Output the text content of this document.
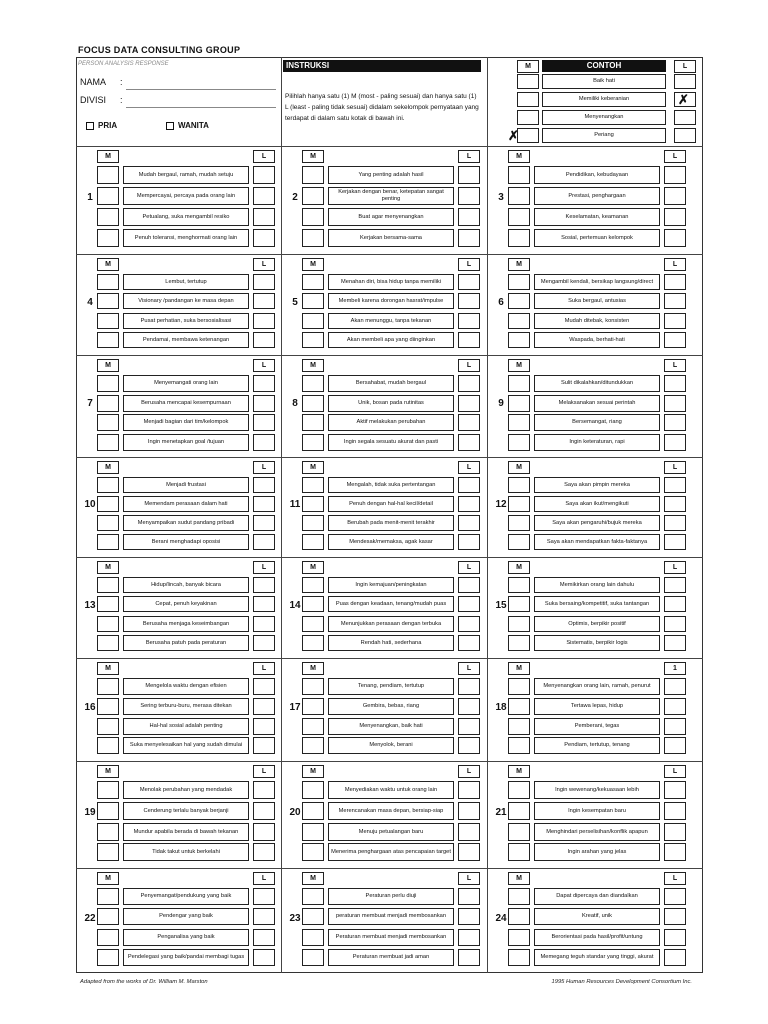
FOCUS DATA CONSULTING GROUP
PERSON ANALYSIS RESPONSE
NAMA :
DIVISI :
PRIA	WANITA
INSTRUKSI
Pilihlah hanya satu (1) M (most - paling sesuai) dan hanya satu (1) L (least - paling tidak sesuai) didalam sekelompok pernyataan yang terdapat di dalam satu kotak di bawah ini.
M	CONTOH	L
Baik hati
Memiliki keberanian
Menyenangkan
Periang
✗
✗
M	L
1
Mudah bergaul, ramah, mudah setuju
Mempercayai, percaya pada orang lain
Petualang, suka mengambil resiko
Penuh toleransi, menghormati orang lain
M	L
2
Yang penting adalah hasil
Kerjakan dengan benar, ketepatan sangat penting
Buat agar menyenangkan
Kerjakan bersama-sama
M	L
3
Pendidikan, kebudayaan
Prestasi, penghargaan
Keselamatan, keamanan
Sosial, pertemuan kelompok
M	L
4
Lembut, tertutup
Visionary /pandangan ke masa depan
Pusat perhatian, suka bersosialisasi
Pendamai, membawa ketenangan
M	L
5
Menahan diri, bisa hidup tanpa memiliki
Membeli karena dorongan hasrat/impulse
Akan menunggu, tanpa tekanan
Akan membeli apa yang diinginkan
M	L
6
Mengambil kendali, bersikap langsung/direct
Suka bergaul, antusias
Mudah ditebak, konsisten
Waspada, berhati-hati
M	L
7
Menyemangati orang lain
Berusaha mencapai kesempurnaan
Menjadi bagian dari tim/kelompok
Ingin menetapkan goal /tujuan
M	L
8
Bersahabat, mudah bergaul
Unik, bosan pada rutinitas
Aktif melakukan perubahan
Ingin segala sesuatu akurat dan pasti
M	L
9
Sulit dikalahkan/ditundukkan
Melaksanakan sesuai perintah
Bersemangat, riang
Ingin keteraturan, rapi
M	L
10
Menjadi frustasi
Memendam perasaan dalam hati
Menyampaikan sudut pandang pribadi
Berani menghadapi oposisi
M	L
11
Mengalah, tidak suka pertentangan
Penuh dengan hal-hal kecil/detail
Berubah pada menit-menit terakhir
Mendesak/memaksa, agak kasar
M	L
12
Saya akan pimpin mereka
Saya akan ikut/mengikuti
Saya akan pengaruhi/bujuk mereka
Saya akan mendapatkan fakta-faktanya
M	L
13
Hidup/lincah, banyak bicara
Cepat, penuh keyakinan
Berusaha menjaga keseimbangan
Berusaha patuh pada peraturan
M	L
14
Ingin kemajuan/peningkatan
Puas dengan keadaan, tenang/mudah puas
Menunjukkan perasaan dengan terbuka
Rendah hati, sederhana
M	L
15
Memikirkan orang lain dahulu
Suka bersaing/kompetitif, suka tantangan
Optimis, berpikir positif
Sistematis, berpikir logis
M	L
16
Mengelola waktu dengan efisien
Sering terburu-buru, merasa ditekan
Hal-hal sosial adalah penting
Suka menyelesaikan hal yang sudah dimulai
M	L
17
Tenang, pendiam, tertutup
Gembira, bebas, riang
Menyenangkan, baik hati
Menyolok, berani
M	1
18
Menyenangkan orang lain, ramah, penurut
Tertawa lepas, hidup
Pemberani, tegas
Pendiam, tertutup, tenang
M	L
19
Menolak perubahan yang mendadak
Cenderung terlalu banyak berjanji
Mundur apabila berada di bawah tekanan
Tidak takut untuk berkelahi
M	L
20
Menyediakan waktu untuk orang lain
Merencanakan masa depan, bersiap-siap
Menuju petualangan baru
Menerima penghargaan atas pencapaian target
M	L
21
Ingin wewenang/kekuasaan lebih
Ingin kesempatan baru
Menghindari perselisihan/konflik apapun
Ingin arahan yang jelas
M	L
22
Penyemangat/pendukung yang baik
Pendengar yang baik
Penganalisa yang baik
Pendelegasi yang baik/pandai membagi tugas
M	L
23
Peraturan perlu diuji
peraturan membuat menjadi membosankan
Peraturan membuat menjadi membosankan
Peraturan membuat jadi aman
M	L
24
Dapat dipercaya dan diandalkan
Kreatif, unik
Berorientasi pada hasil/profit/untung
Memegang teguh standar yang tinggi, akurat
Adapted from the works of Dr. William M. Marston	1995 Human Resources Development Consortium Inc.
